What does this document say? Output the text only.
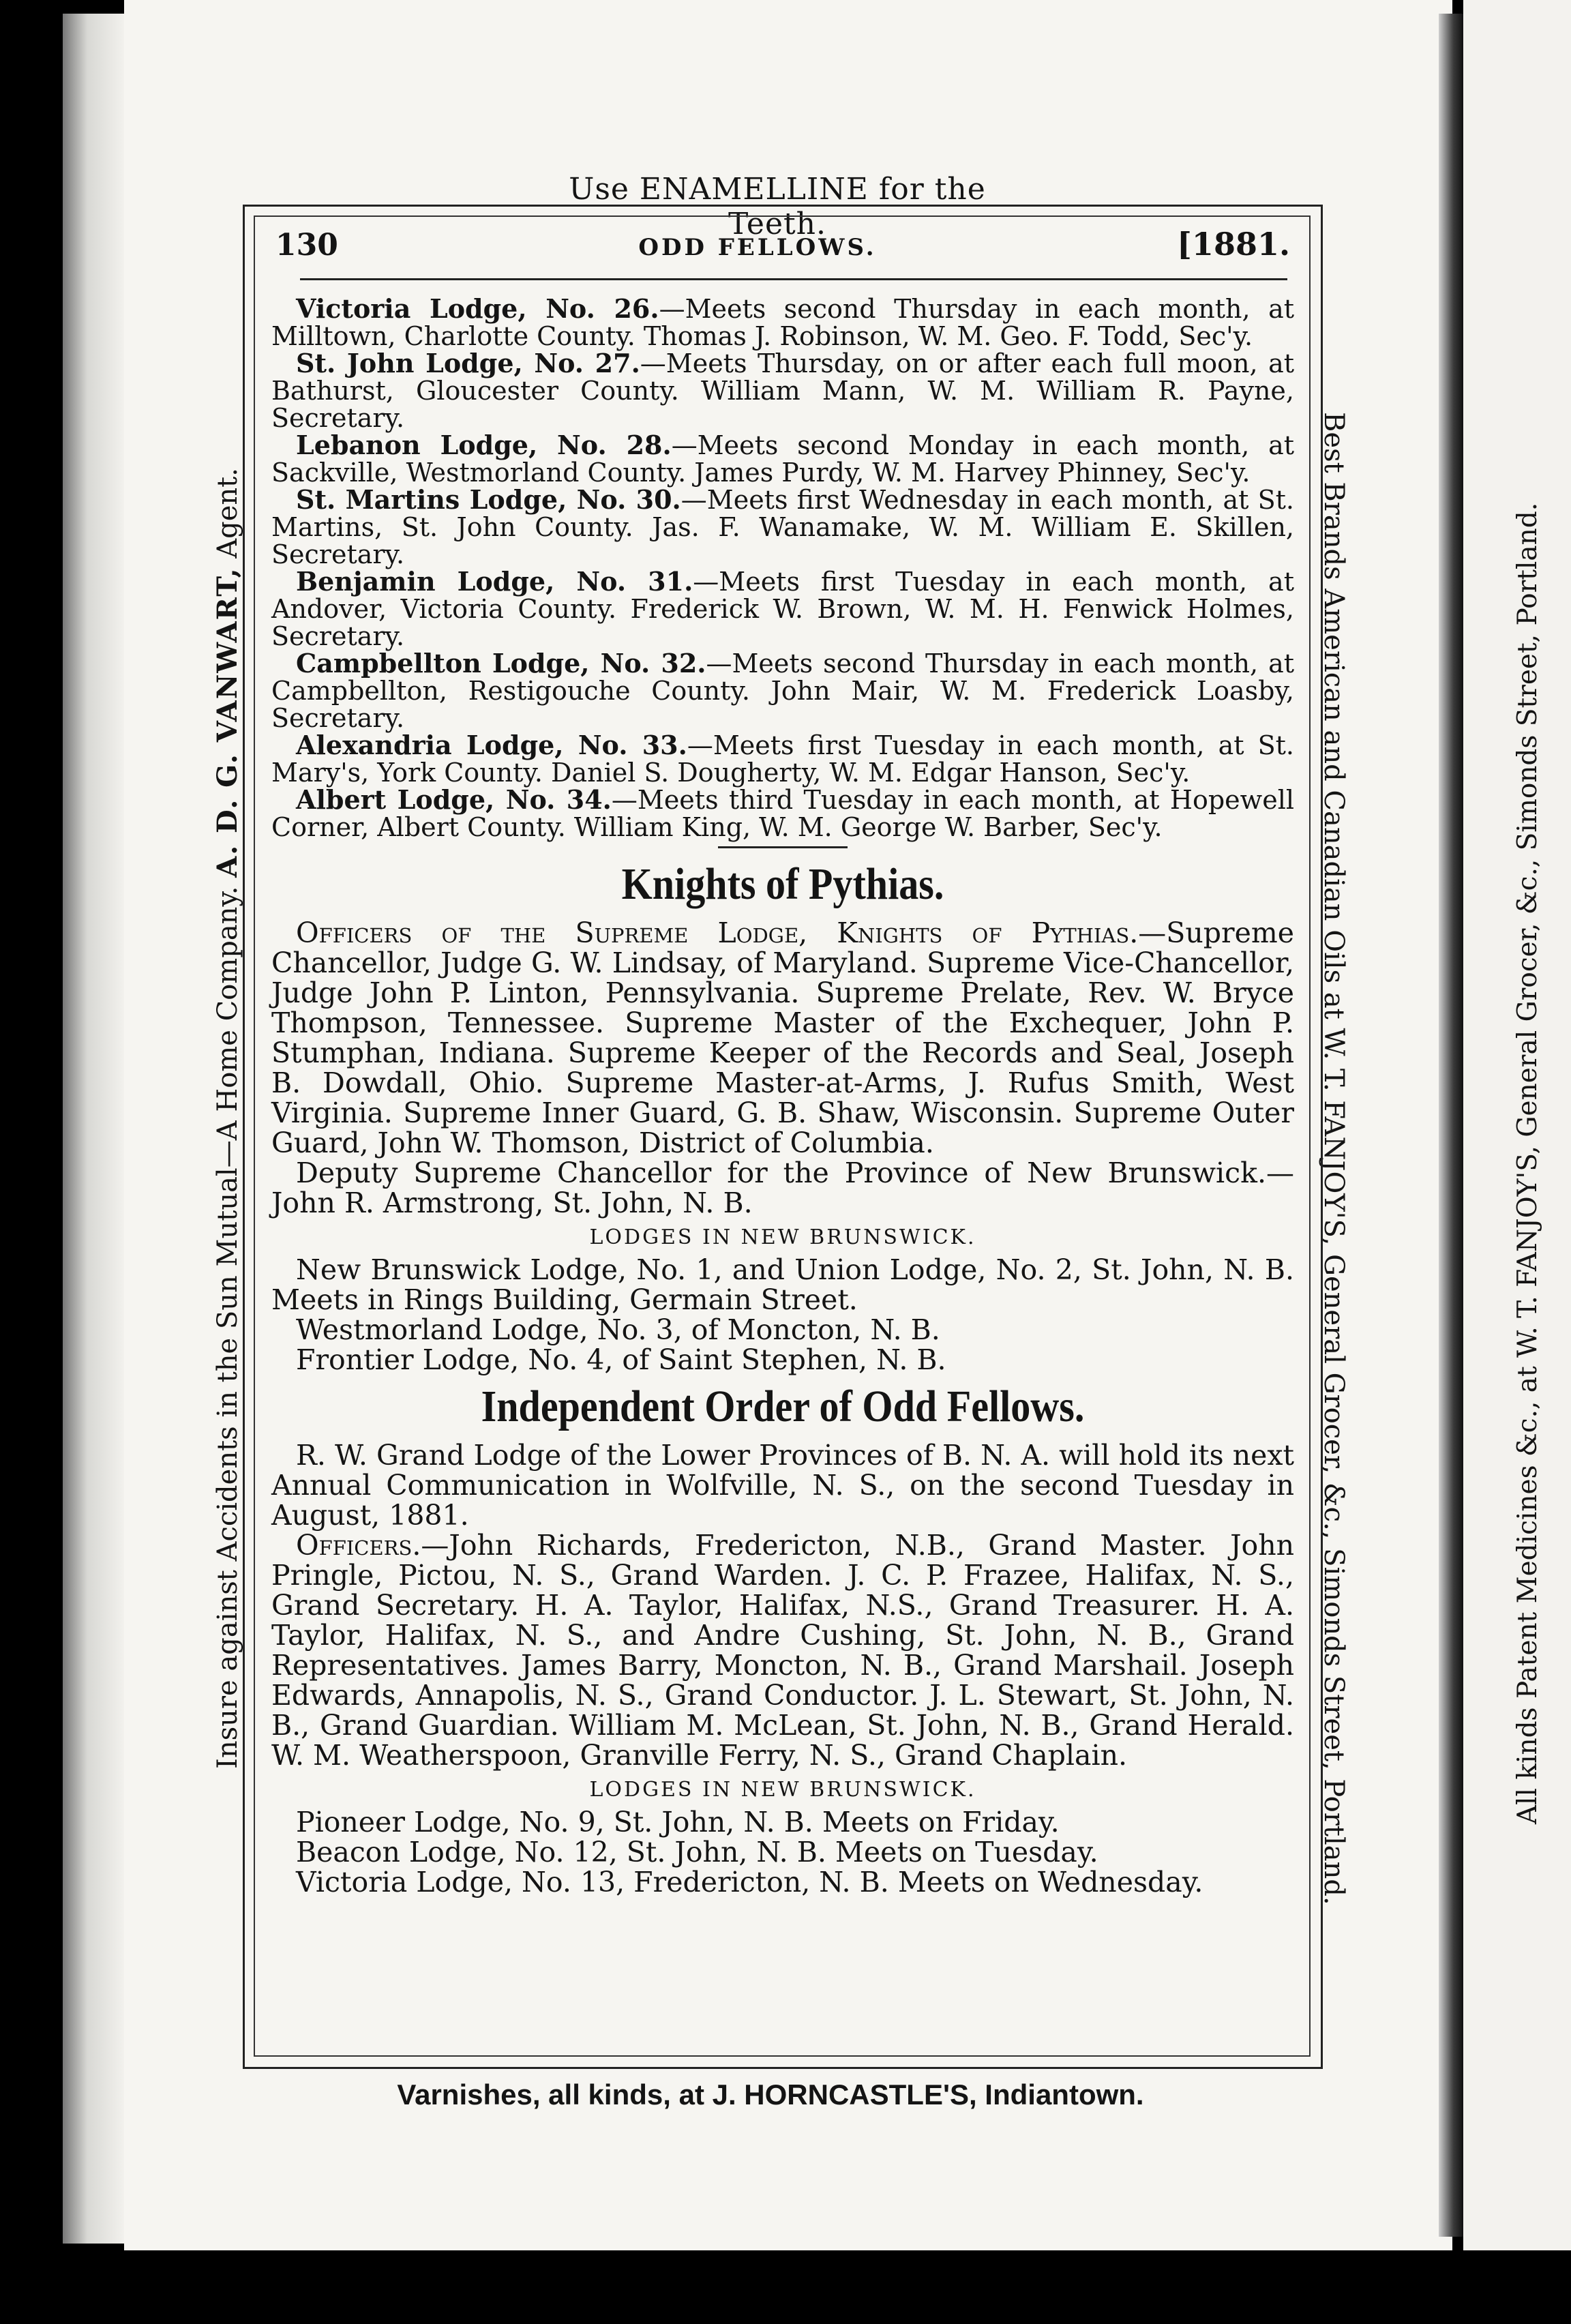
Use ENAMELLINE for the Teeth.
Insure against Accidents in the Sun Mutual—A Home Company. A. D. G. VANWART, Agent.	Best Brands American and Canadian Oils at W. T. FANJOY'S, General Grocer, &c., Simonds Street, Portland.	All kinds Patent Medicines &c., at W. T. FANJOY'S, General Grocer, &c., Simonds Street, Portland.
130	ODD FELLOWS.	[1881.

Victoria Lodge, No. 26.—Meets second Thursday in each month, at Milltown, Charlotte County. Thomas J. Robinson, W. M. Geo. F. Todd, Sec'y.

St. John Lodge, No. 27.—Meets Thursday, on or after each full moon, at Bathurst, Gloucester County. William Mann, W. M. William R. Payne, Secretary.

Lebanon Lodge, No. 28.—Meets second Monday in each month, at Sackville, Westmorland County. James Purdy, W. M. Harvey Phinney, Sec'y.

St. Martins Lodge, No. 30.—Meets first Wednesday in each month, at St. Martins, St. John County. Jas. F. Wanamake, W. M. William E. Skillen, Secretary.

Benjamin Lodge, No. 31.—Meets first Tuesday in each month, at Andover, Victoria County. Frederick W. Brown, W. M. H. Fenwick Holmes, Secretary.

Campbellton Lodge, No. 32.—Meets second Thursday in each month, at Campbellton, Restigouche County. John Mair, W. M. Frederick Loasby, Secretary.

Alexandria Lodge, No. 33.—Meets first Tuesday in each month, at St. Mary's, York County. Daniel S. Dougherty, W. M. Edgar Hanson, Sec'y.

Albert Lodge, No. 34.—Meets third Tuesday in each month, at Hopewell Corner, Albert County. William King, W. M. George W. Barber, Sec'y.

Knights of Pythias.

Officers of the Supreme Lodge, Knights of Pythias.—Supreme Chancellor, Judge G. W. Lindsay, of Maryland. Supreme Vice-Chancellor, Judge John P. Linton, Pennsylvania. Supreme Prelate, Rev. W. Bryce Thompson, Tennessee. Supreme Master of the Exchequer, John P. Stumphan, Indiana. Supreme Keeper of the Records and Seal, Joseph B. Dowdall, Ohio. Supreme Master-at-Arms, J. Rufus Smith, West Virginia. Supreme Inner Guard, G. B. Shaw, Wisconsin. Supreme Outer Guard, John W. Thomson, District of Columbia.

Deputy Supreme Chancellor for the Province of New Brunswick.—John R. Armstrong, St. John, N. B.

LODGES IN NEW BRUNSWICK.

New Brunswick Lodge, No. 1, and Union Lodge, No. 2, St. John, N. B. Meets in Rings Building, Germain Street.

Westmorland Lodge, No. 3, of Moncton, N. B.

Frontier Lodge, No. 4, of Saint Stephen, N. B.

Independent Order of Odd Fellows.

R. W. Grand Lodge of the Lower Provinces of B. N. A. will hold its next Annual Communication in Wolfville, N. S., on the second Tuesday in August, 1881.

Officers.—John Richards, Fredericton, N.B., Grand Master. John Pringle, Pictou, N. S., Grand Warden. J. C. P. Frazee, Halifax, N. S., Grand Secretary. H. A. Taylor, Halifax, N.S., Grand Treasurer. H. A. Taylor, Halifax, N. S., and Andre Cushing, St. John, N. B., Grand Representatives. James Barry, Moncton, N. B., Grand Marshail. Joseph Edwards, Annapolis, N. S., Grand Conductor. J. L. Stewart, St. John, N. B., Grand Guardian. William M. McLean, St. John, N. B., Grand Herald. W. M. Weatherspoon, Granville Ferry, N. S., Grand Chaplain.

LODGES IN NEW BRUNSWICK.

Pioneer Lodge, No. 9, St. John, N. B. Meets on Friday.

Beacon Lodge, No. 12, St. John, N. B. Meets on Tuesday.

Victoria Lodge, No. 13, Fredericton, N. B. Meets on Wednesday.

Varnishes, all kinds, at J. HORNCASTLE'S, Indiantown.
